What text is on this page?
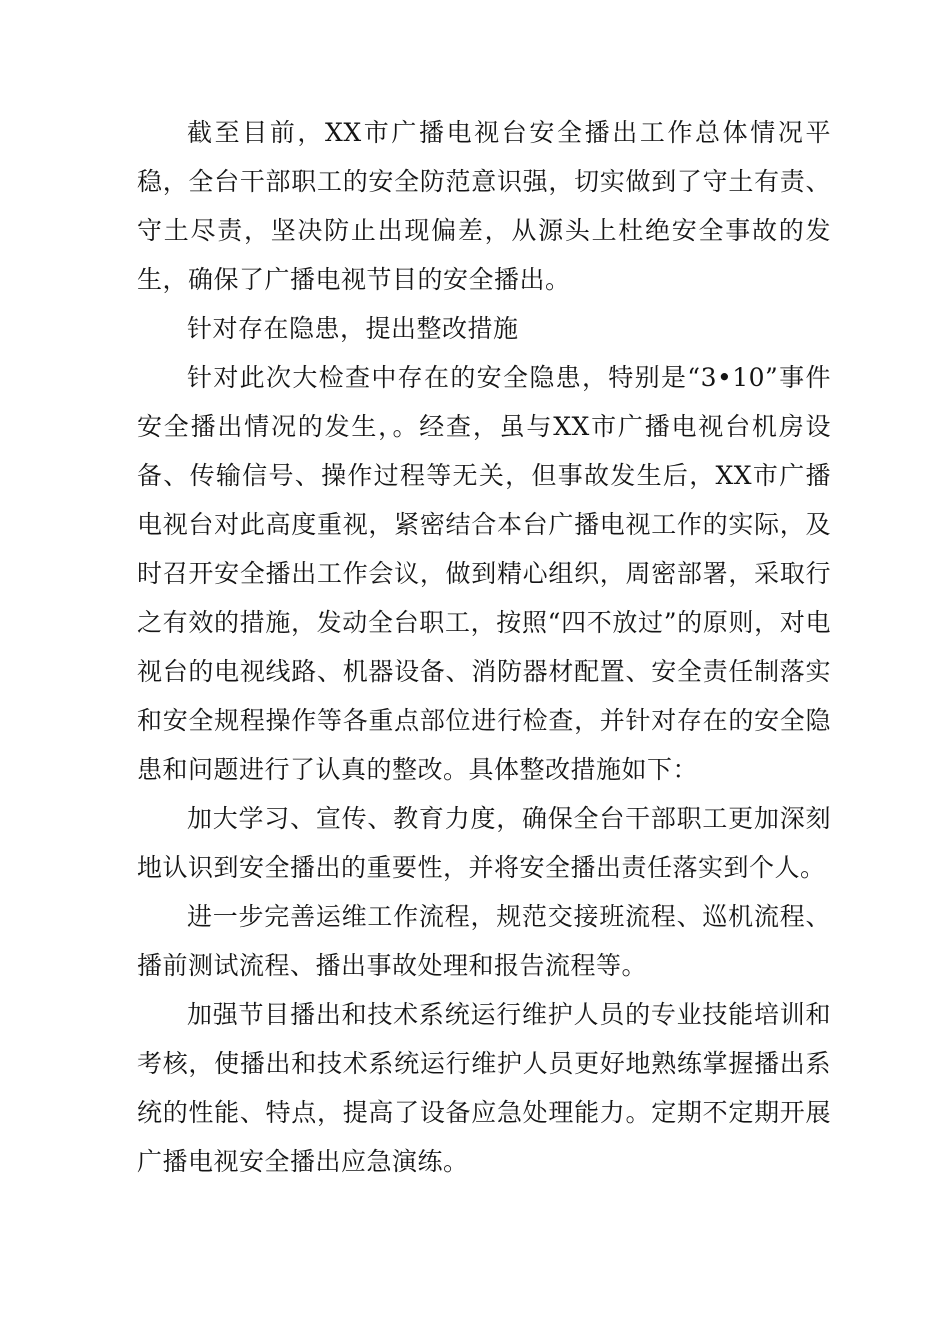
截至目前，XX市广播电视台安全播出工作总体情况平稳，全台干部职工的安全防范意识强，切实做到了守土有责、守土尽责，坚决防止出现偏差，从源头上杜绝安全事故的发生，确保了广播电视节目的安全播出。

针对存在隐患，提出整改措施

针对此次大检查中存在的安全隐患，特别是“3•10”事件安全播出情况的发生，。经查，虽与XX市广播电视台机房设备、传输信号、操作过程等无关，但事故发生后，XX市广播电视台对此高度重视，紧密结合本台广播电视工作的实际，及时召开安全播出工作会议，做到精心组织，周密部署，采取行之有效的措施，发动全台职工，按照“四不放过”的原则，对电视台的电视线路、机器设备、消防器材配置、安全责任制落实和安全规程操作等各重点部位进行检查，并针对存在的安全隐患和问题进行了认真的整改。具体整改措施如下：

加大学习、宣传、教育力度，确保全台干部职工更加深刻地认识到安全播出的重要性，并将安全播出责任落实到个人。

进一步完善运维工作流程，规范交接班流程、巡机流程、播前测试流程、播出事故处理和报告流程等。

加强节目播出和技术系统运行维护人员的专业技能培训和考核，使播出和技术系统运行维护人员更好地熟练掌握播出系统的性能、特点，提高了设备应急处理能力。定期不定期开展广播电视安全播出应急演练。
